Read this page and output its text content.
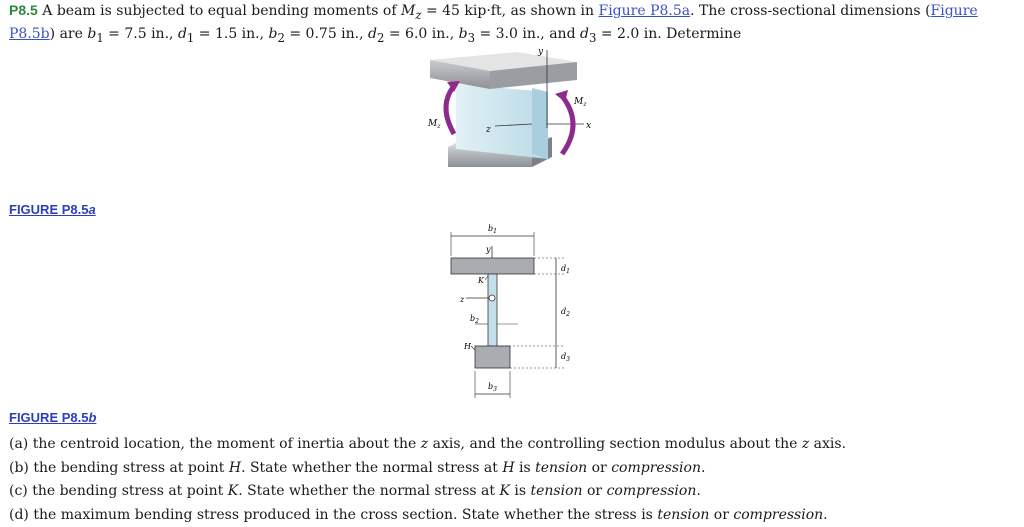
P8.5 A beam is subjected to equal bending moments of $M_z = 45$ kip·ft, as shown in Figure P8.5a. The cross-sectional dimensions (Figure P8.5b) are $b_1 = 7.5$ in., $d_1 = 1.5$ in., $b_2 = 0.75$ in., $d_2 = 6.0$ in., $b_3 = 3.0$ in., and $d_3 = 2.0$ in. Determine
y
x
z
$M_z$
$M_z$
FIGURE P8.5a
$b_1$
y
K
z
$b_2$
H
$d_1$
$d_2$
$d_3$
$b_3$
FIGURE P8.5b
(a) the centroid location, the moment of inertia about the z axis, and the controlling section modulus about the z axis.
(b) the bending stress at point H. State whether the normal stress at H is tension or compression.
(c) the bending stress at point K. State whether the normal stress at K is tension or compression.
(d) the maximum bending stress produced in the cross section. State whether the stress is tension or compression.
